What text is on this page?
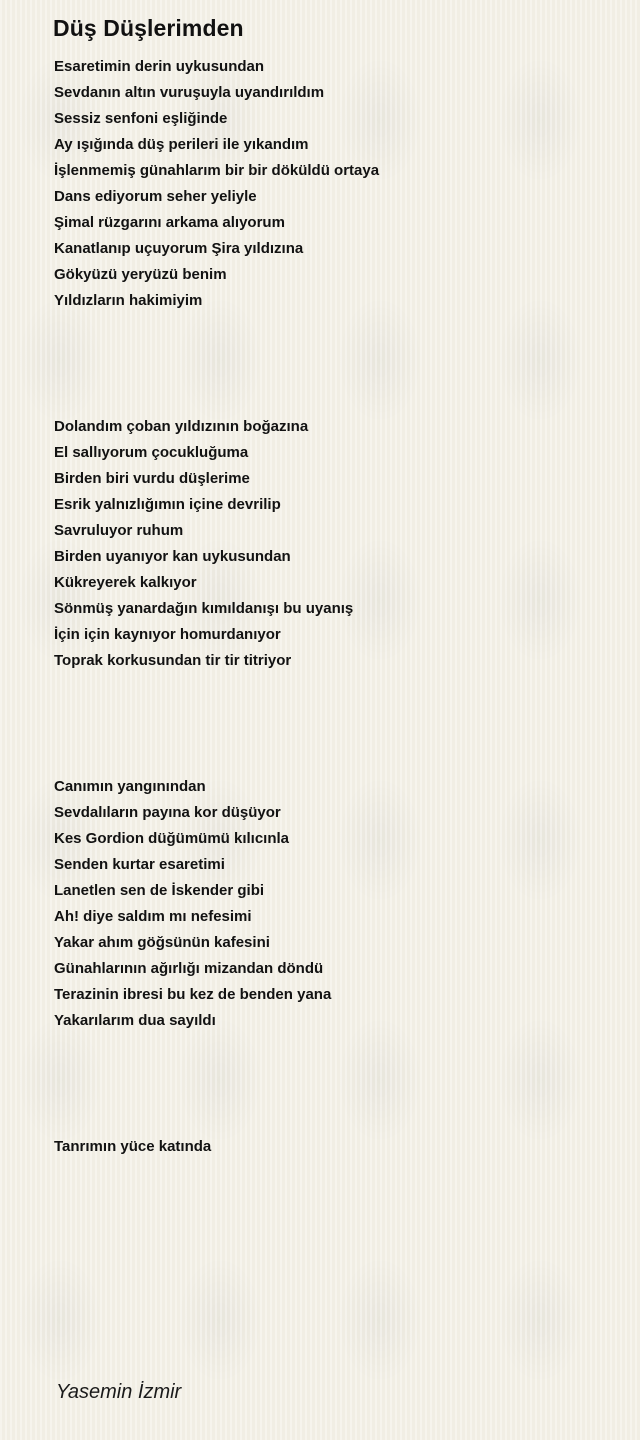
Düş Düşlerimden
Esaretimin derin uykusundan
Sevdanın altın vuruşuyla uyandırıldım
Sessiz senfoni eşliğinde
Ay ışığında düş perileri ile yıkandım
İşlenmemiş günahlarım bir bir döküldü ortaya
Dans ediyorum seher yeliyle
Şimal rüzgarını arkama alıyorum
Kanatlanıp uçuyorum Şira yıldızına
Gökyüzü yeryüzü benim
Yıldızların hakimiyim
Dolandım çoban yıldızının boğazına
El sallıyorum çocukluğuma
Birden biri vurdu düşlerime
Esrik yalnızlığımın içine devrilip
Savruluyor ruhum
Birden uyanıyor kan uykusundan
Kükreyerek kalkıyor
Sönmüş yanardağın kımıldanışı bu uyanış
İçin için kaynıyor homurdanıyor
Toprak korkusundan tir tir titriyor
Canımın yangınından
Sevdalıların payına kor düşüyor
Kes Gordion düğümümü kılıcınla
Senden kurtar esaretimi
Lanetlen sen de İskender gibi
Ah! diye saldım mı nefesimi
Yakar ahım göğsünün kafesini
Günahlarının ağırlığı mizandan döndü
Terazinin ibresi bu kez de benden yana
Yakarılarım dua sayıldı
Tanrımın yüce katında
Yasemin İzmir
